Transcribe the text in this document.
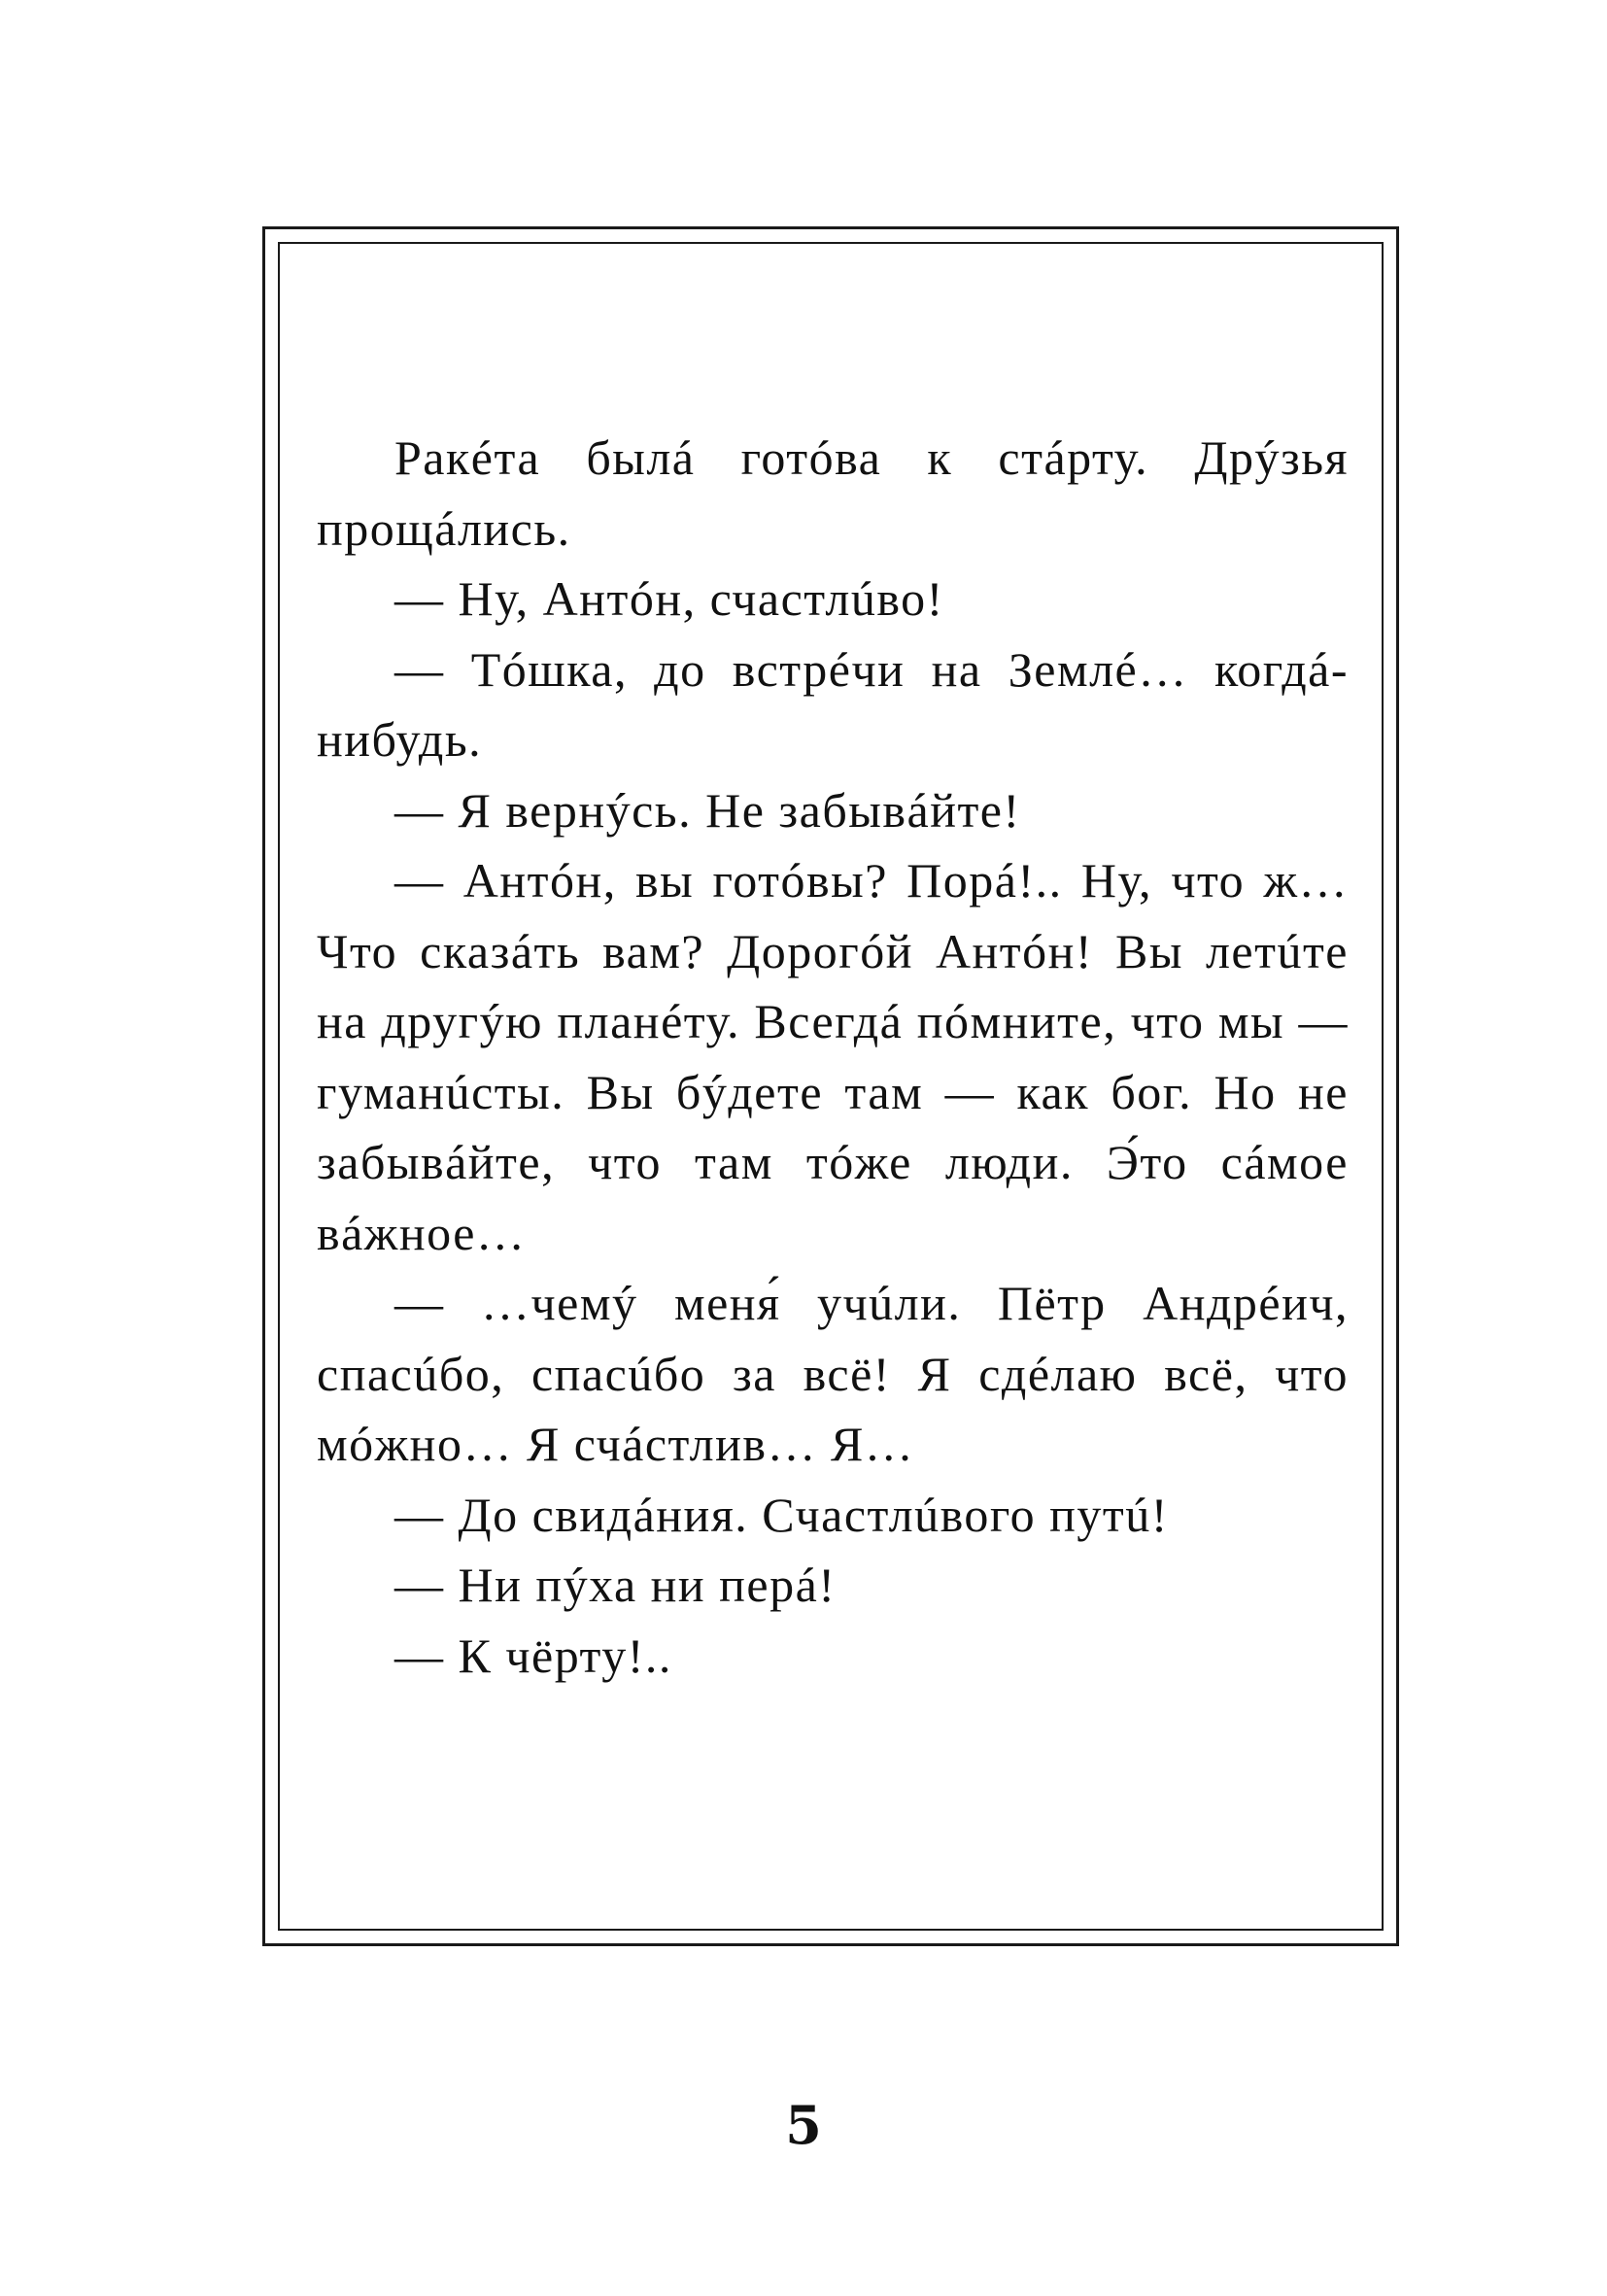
Ракéта былá готóва к стáрту. Дрýзья прощáлись.

— Ну, Антóн, счастлúво!

— Тóшка, до встрéчи на Землé… когдá-нибудь.

— Я вернýсь. Не забывáйте!

— Антóн, вы готóвы? Порá!.. Ну, что ж… Что сказáть вам? Дорогóй Антóн! Вы летúте на другýю планéту. Всегдá пóмните, что мы — гуманúсты. Вы бýдете там — как бог. Но не забывáйте, что там тóже люди. Э́то сáмое вáжное…

— …чемý меня́ учúли. Пётр Андрéич, спасúбо, спасúбо за всё! Я сдéлаю всё, что мóжно… Я счáстлив… Я…

— До свидáния. Счастлúвого путú!

— Ни пýха ни перá!

— К чёрту!..

5
